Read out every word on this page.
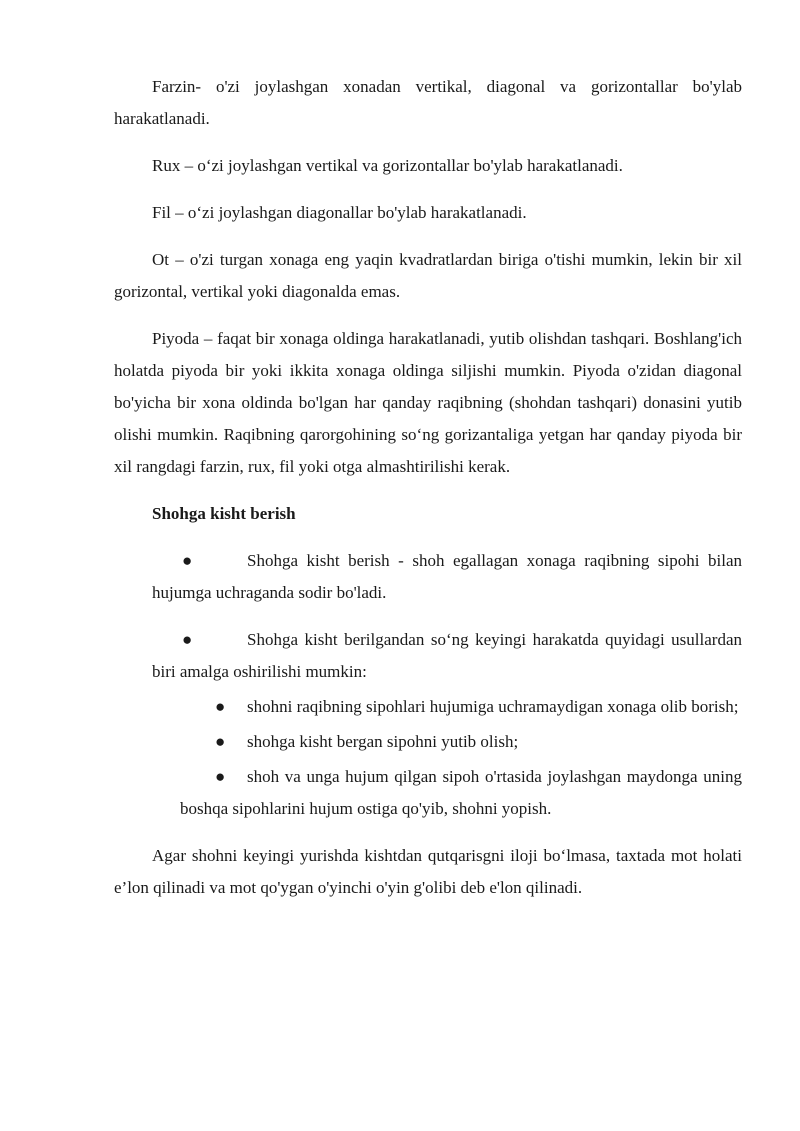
Farzin- o'zi joylashgan xonadan vertikal, diagonal va gorizontallar bo'ylab harakatlanadi.

Rux – oʻzi joylashgan vertikal va gorizontallar bo'ylab harakatlanadi.

Fil – oʻzi joylashgan diagonallar bo'ylab harakatlanadi.

Ot – o'zi turgan xonaga eng yaqin kvadratlardan biriga o'tishi mumkin, lekin bir xil gorizontal, vertikal yoki diagonalda emas.

Piyoda – faqat bir xonaga oldinga harakatlanadi, yutib olishdan tashqari. Boshlang'ich holatda piyoda bir yoki ikkita xonaga oldinga siljishi mumkin. Piyoda o'zidan diagonal bo'yicha bir xona oldinda bo'lgan har qanday raqibning (shohdan tashqari) donasini yutib olishi mumkin. Raqibning qarorgohining soʻng gorizantaliga yetgan har qanday piyoda bir xil rangdagi farzin, rux, fil yoki otga almashtirilishi kerak.

Shohga kisht berish
●	Shohga kisht berish - shoh egallagan xonaga raqibning sipohi bilan hujumga uchraganda sodir bo'ladi.
●	Shohga kisht berilgandan soʻng keyingi harakatda quyidagi usullardan biri amalga oshirilishi mumkin:
● shohni raqibning sipohlari hujumiga uchramaydigan xonaga olib borish;
● shohga kisht bergan sipohni yutib olish;
● shoh va unga hujum qilgan sipoh o'rtasida joylashgan maydonga uning boshqa sipohlarini hujum ostiga qo'yib, shohni yopish.

Agar shohni keyingi yurishda kishtdan qutqarisgni iloji boʻlmasa, taxtada mot holati e’lon qilinadi va mot qo'ygan o'yinchi o'yin g'olibi deb e'lon qilinadi.
